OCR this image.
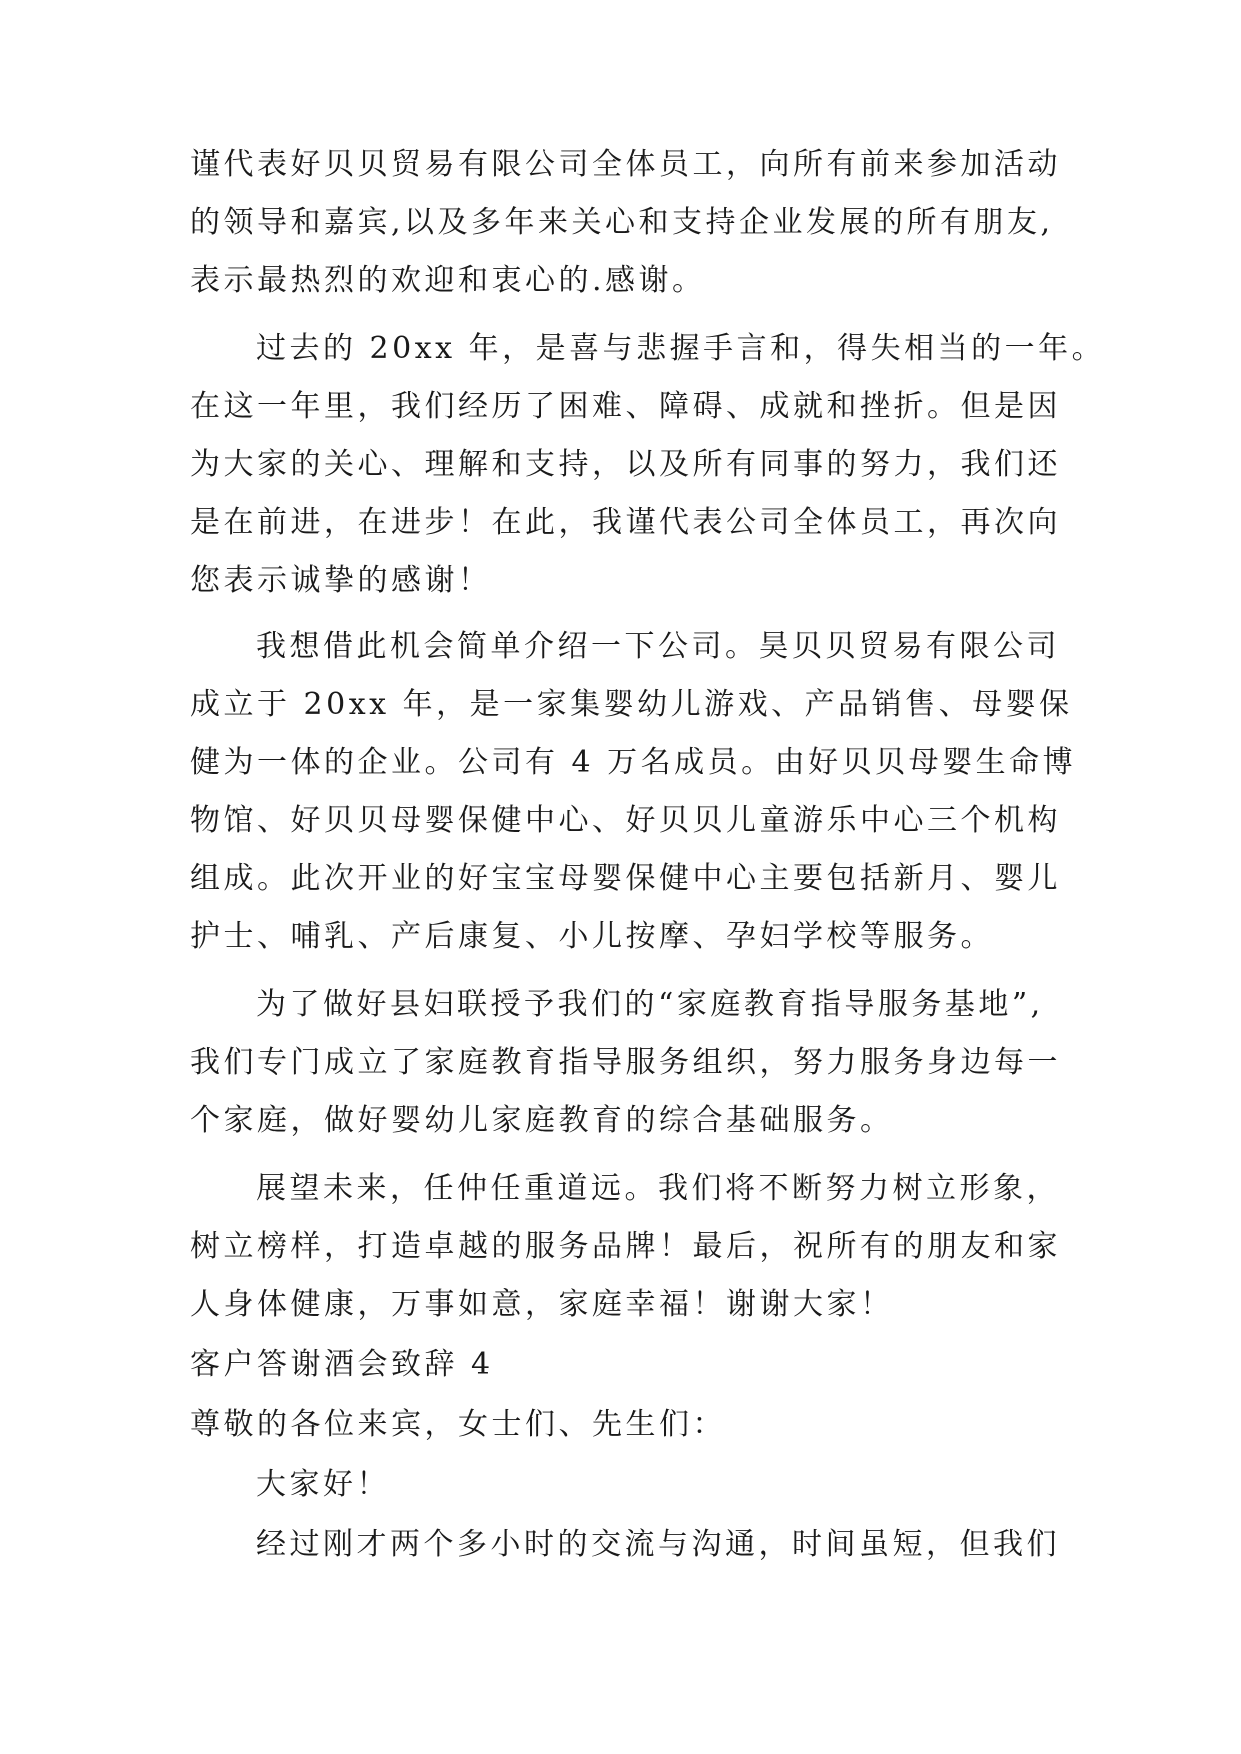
谨代表好贝贝贸易有限公司全体员工，向所有前来参加活动
的领导和嘉宾,以及多年来关心和支持企业发展的所有朋友,
表示最热烈的欢迎和衷心的.感谢。
过去的 20xx 年，是喜与悲握手言和，得失相当的一年。
在这一年里，我们经历了困难、障碍、成就和挫折。但是因
为大家的关心、理解和支持，以及所有同事的努力，我们还
是在前进，在进步！在此，我谨代表公司全体员工，再次向
您表示诚挚的感谢！
我想借此机会简单介绍一下公司。昊贝贝贸易有限公司
成立于 20xx 年，是一家集婴幼儿游戏、产品销售、母婴保
健为一体的企业。公司有 4 万名成员。由好贝贝母婴生命博
物馆、好贝贝母婴保健中心、好贝贝儿童游乐中心三个机构
组成。此次开业的好宝宝母婴保健中心主要包括新月、婴儿
护士、哺乳、产后康复、小儿按摩、孕妇学校等服务。
为了做好县妇联授予我们的“家庭教育指导服务基地”,
我们专门成立了家庭教育指导服务组织，努力服务身边每一
个家庭，做好婴幼儿家庭教育的综合基础服务。
展望未来，任仲任重道远。我们将不断努力树立形象，
树立榜样，打造卓越的服务品牌！最后，祝所有的朋友和家
人身体健康，万事如意，家庭幸福！谢谢大家！
客户答谢酒会致辞 4
尊敬的各位来宾，女士们、先生们：
大家好！
经过刚才两个多小时的交流与沟通，时间虽短，但我们
